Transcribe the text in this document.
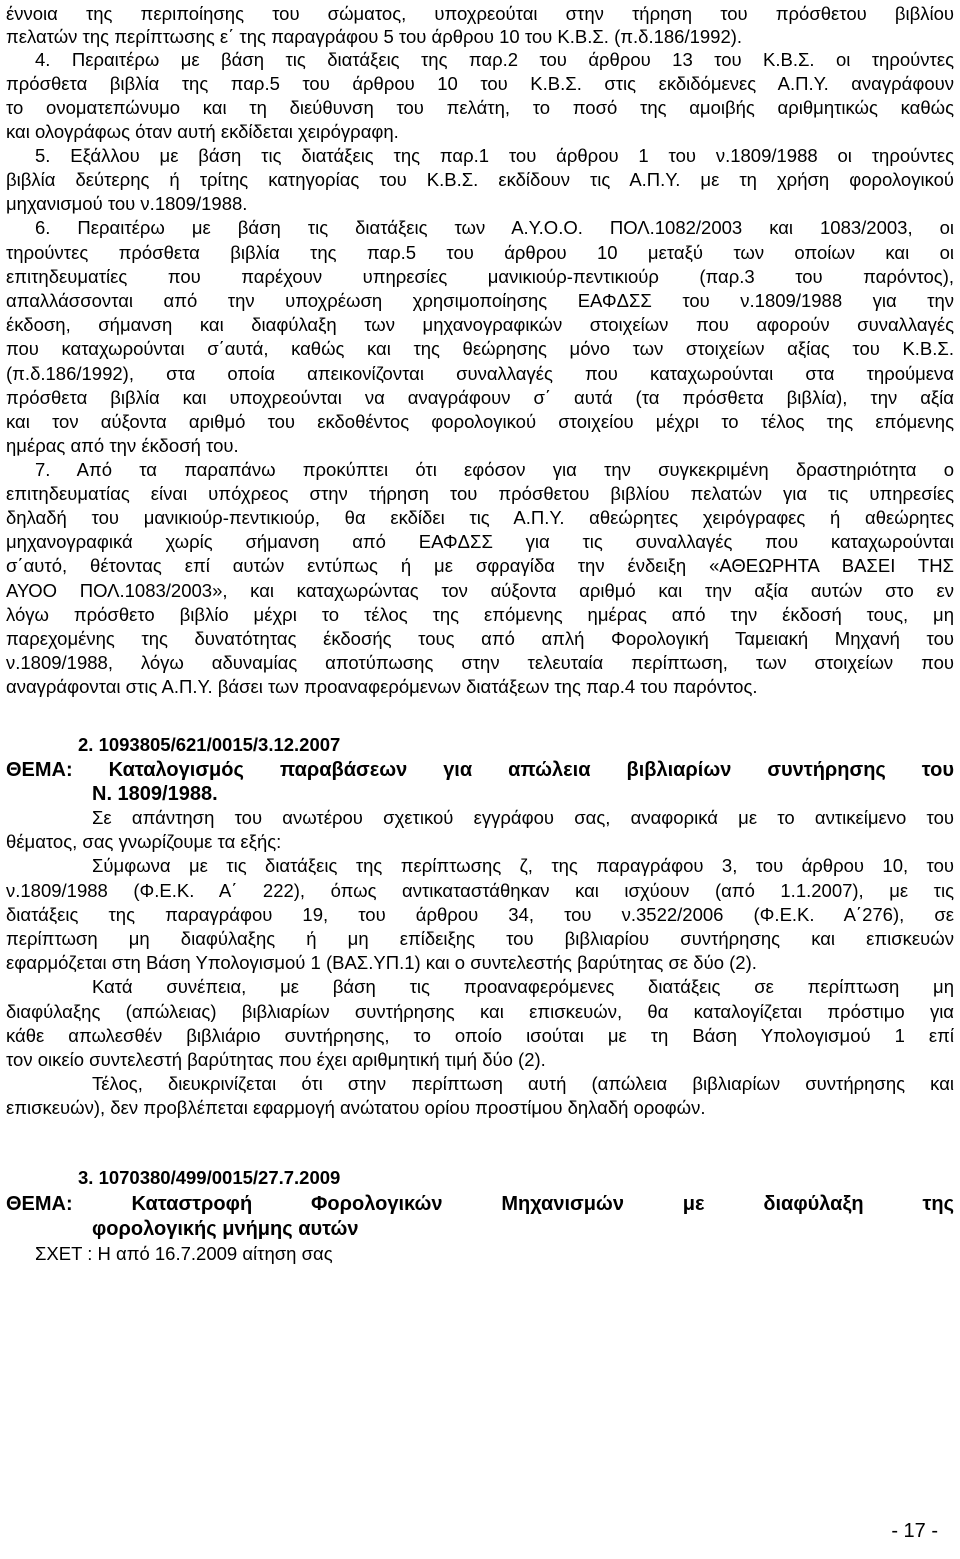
έννοια της περιποίησης του σώματος, υποχρεούται στην τήρηση του πρόσθετου βιβλίου
πελατών της περίπτωσης ε΄ της παραγράφου 5 του άρθρου 10 του Κ.Β.Σ. (π.δ.186/1992).
4. Περαιτέρω με βάση τις διατάξεις της παρ.2 του άρθρου 13 του Κ.Β.Σ. οι τηρούντες
πρόσθετα βιβλία της παρ.5 του άρθρου 10 του Κ.Β.Σ. στις εκδιδόμενες Α.Π.Υ. αναγράφουν
το ονοματεπώνυμο και τη διεύθυνση του πελάτη, το ποσό της αμοιβής αριθμητικώς καθώς
και ολογράφως όταν αυτή εκδίδεται χειρόγραφη.
5. Εξάλλου με βάση τις διατάξεις της παρ.1 του άρθρου 1 του ν.1809/1988 οι τηρούντες
βιβλία δεύτερης ή τρίτης κατηγορίας του Κ.Β.Σ. εκδίδουν τις Α.Π.Υ. με τη χρήση φορολογικού
μηχανισμού του ν.1809/1988.
6. Περαιτέρω με βάση τις διατάξεις των Α.Υ.Ο.Ο. ΠΟΛ.1082/2003 και 1083/2003, οι
τηρούντες πρόσθετα βιβλία της παρ.5 του άρθρου 10 μεταξύ των οποίων και οι
επιτηδευματίες που παρέχουν υπηρεσίες μανικιούρ-πεντικιούρ (παρ.3 του παρόντος),
απαλλάσσονται από την υποχρέωση χρησιμοποίησης ΕΑΦΔΣΣ του ν.1809/1988 για την
έκδοση, σήμανση και διαφύλαξη των μηχανογραφικών στοιχείων που αφορούν συναλλαγές
που καταχωρούνται σ΄αυτά, καθώς και της θεώρησης μόνο των στοιχείων αξίας του Κ.Β.Σ.
(π.δ.186/1992), στα οποία απεικονίζονται συναλλαγές που καταχωρούνται στα τηρούμενα
πρόσθετα βιβλία και υποχρεούνται να αναγράφουν σ΄ αυτά (τα πρόσθετα βιβλία), την αξία
και τον αύξοντα αριθμό του εκδοθέντος φορολογικού στοιχείου μέχρι το τέλος της επόμενης
ημέρας από την έκδοσή του.
7. Από τα παραπάνω προκύπτει ότι εφόσον για την συγκεκριμένη δραστηριότητα ο
επιτηδευματίας είναι υπόχρεος στην τήρηση του πρόσθετου βιβλίου πελατών για τις υπηρεσίες
δηλαδή του μανικιούρ-πεντικιούρ, θα εκδίδει τις Α.Π.Υ. αθεώρητες χειρόγραφες ή αθεώρητες
μηχανογραφικά χωρίς σήμανση από ΕΑΦΔΣΣ για τις συναλλαγές που καταχωρούνται
σ΄αυτό, θέτοντας επί αυτών εντύπως ή με σφραγίδα την ένδειξη «ΑΘΕΩΡΗΤΑ ΒΑΣΕΙ ΤΗΣ
ΑΥΟΟ ΠΟΛ.1083/2003», και καταχωρώντας τον αύξοντα αριθμό και την αξία αυτών στο εν
λόγω πρόσθετο βιβλίο μέχρι το τέλος της επόμενης ημέρας από την έκδοσή τους, μη
παρεχομένης της δυνατότητας έκδοσής τους από απλή Φορολογική Ταμειακή Μηχανή του
ν.1809/1988, λόγω αδυναμίας αποτύπωσης στην τελευταία περίπτωση, των στοιχείων που
αναγράφονται στις Α.Π.Υ. βάσει των προαναφερόμενων διατάξεων της παρ.4 του παρόντος.
2. 1093805/621/0015/3.12.2007
ΘΕΜΑ: Καταλογισμός παραβάσεων για απώλεια βιβλιαρίων συντήρησης του
Ν. 1809/1988.
Σε απάντηση του ανωτέρου σχετικού εγγράφου σας, αναφορικά με το αντικείμενο του
θέματος, σας γνωρίζουμε τα εξής:
Σύμφωνα με τις διατάξεις της περίπτωσης ζ, της παραγράφου 3, του άρθρου 10, του
ν.1809/1988 (Φ.Ε.Κ. Α΄ 222), όπως αντικαταστάθηκαν και ισχύουν (από 1.1.2007), με τις
διατάξεις της παραγράφου 19, του άρθρου 34, του ν.3522/2006 (Φ.Ε.Κ. Α΄276), σε
περίπτωση μη διαφύλαξης ή μη επίδειξης του βιβλιαρίου συντήρησης και επισκευών
εφαρμόζεται στη Βάση Υπολογισμού 1 (ΒΑΣ.ΥΠ.1) και ο συντελεστής βαρύτητας σε δύο (2).
Κατά συνέπεια, με βάση τις προαναφερόμενες διατάξεις σε περίπτωση μη
διαφύλαξης (απώλειας) βιβλιαρίων συντήρησης και επισκευών, θα καταλογίζεται πρόστιμο για
κάθε απωλεσθέν βιβλιάριο συντήρησης, το οποίο ισούται με τη Βάση Υπολογισμού 1 επί
τον οικείο συντελεστή βαρύτητας που έχει αριθμητική τιμή δύο (2).
Τέλος, διευκρινίζεται ότι στην περίπτωση αυτή (απώλεια βιβλιαρίων συντήρησης και
επισκευών), δεν προβλέπεται εφαρμογή ανώτατου ορίου προστίμου δηλαδή οροφών.
3. 1070380/499/0015/27.7.2009
ΘΕΜΑ: Καταστροφή Φορολογικών Μηχανισμών με διαφύλαξη της
φορολογικής μνήμης αυτών
ΣΧΕΤ : Η από 16.7.2009 αίτηση σας
- 17 -
